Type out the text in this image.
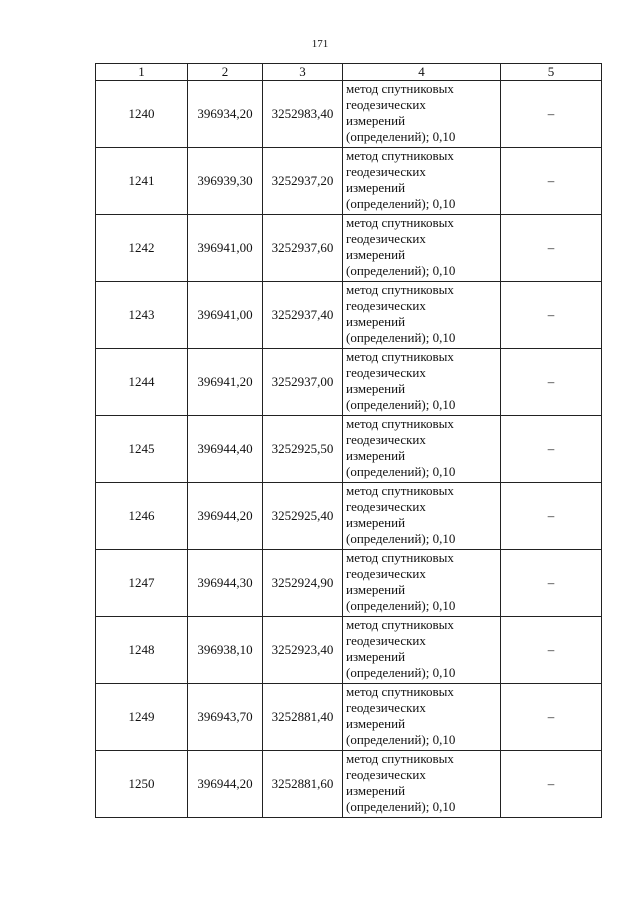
171
1	2	3	4	5
1240	396934,20	3252983,40	метод спутниковых
геодезических
измерений
(определений); 0,10	–
1241	396939,30	3252937,20	метод спутниковых
геодезических
измерений
(определений); 0,10	–
1242	396941,00	3252937,60	метод спутниковых
геодезических
измерений
(определений); 0,10	–
1243	396941,00	3252937,40	метод спутниковых
геодезических
измерений
(определений); 0,10	–
1244	396941,20	3252937,00	метод спутниковых
геодезических
измерений
(определений); 0,10	–
1245	396944,40	3252925,50	метод спутниковых
геодезических
измерений
(определений); 0,10	–
1246	396944,20	3252925,40	метод спутниковых
геодезических
измерений
(определений); 0,10	–
1247	396944,30	3252924,90	метод спутниковых
геодезических
измерений
(определений); 0,10	–
1248	396938,10	3252923,40	метод спутниковых
геодезических
измерений
(определений); 0,10	–
1249	396943,70	3252881,40	метод спутниковых
геодезических
измерений
(определений); 0,10	–
1250	396944,20	3252881,60	метод спутниковых
геодезических
измерений
(определений); 0,10	–
